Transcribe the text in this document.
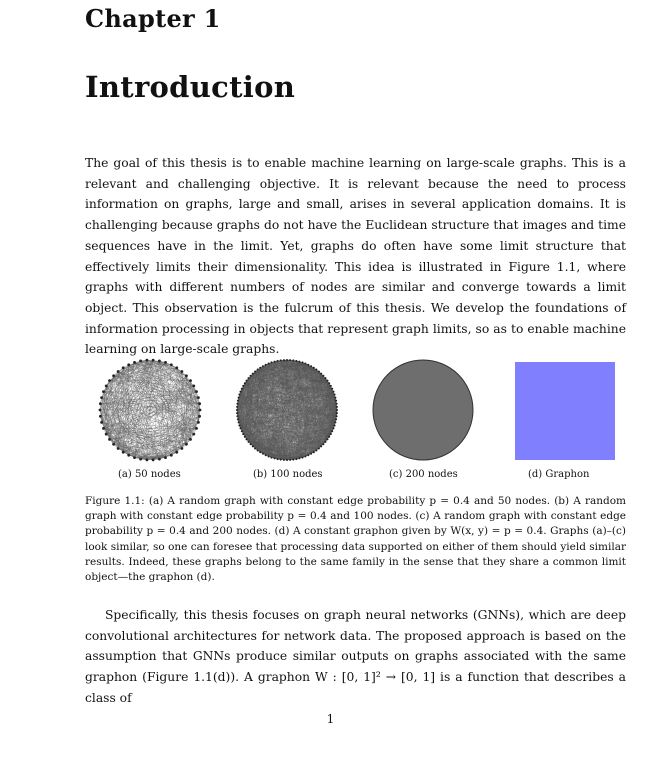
Chapter 1
Introduction

The goal of this thesis is to enable machine learning on large-scale graphs. This is a relevant and challenging objective. It is relevant because the need to process information on graphs, large and small, arises in several application domains. It is challenging because graphs do not have the Euclidean structure that images and time sequences have in the limit. Yet, graphs do often have some limit structure that effectively limits their dimensionality. This idea is illustrated in Figure 1.1, where graphs with different numbers of nodes are similar and converge towards a limit object. This observation is the fulcrum of this thesis. We develop the foundations of information processing in objects that represent graph limits, so as to enable machine learning on large-scale graphs.

(a) 50 nodes	(b) 100 nodes	(c) 200 nodes	(d) Graphon

Figure 1.1: (a) A random graph with constant edge probability p = 0.4 and 50 nodes. (b) A random graph with constant edge probability p = 0.4 and 100 nodes. (c) A random graph with constant edge probability p = 0.4 and 200 nodes. (d) A constant graphon given by W(x, y) = p = 0.4. Graphs (a)–(c) look similar, so one can foresee that processing data supported on either of them should yield similar results. Indeed, these graphs belong to the same family in the sense that they share a common limit object—the graphon (d).

Specifically, this thesis focuses on graph neural networks (GNNs), which are deep convolutional architectures for network data. The proposed approach is based on the assumption that GNNs produce similar outputs on graphs associated with the same graphon (Figure 1.1(d)). A graphon W : [0, 1]² → [0, 1] is a function that describes a class of

1
